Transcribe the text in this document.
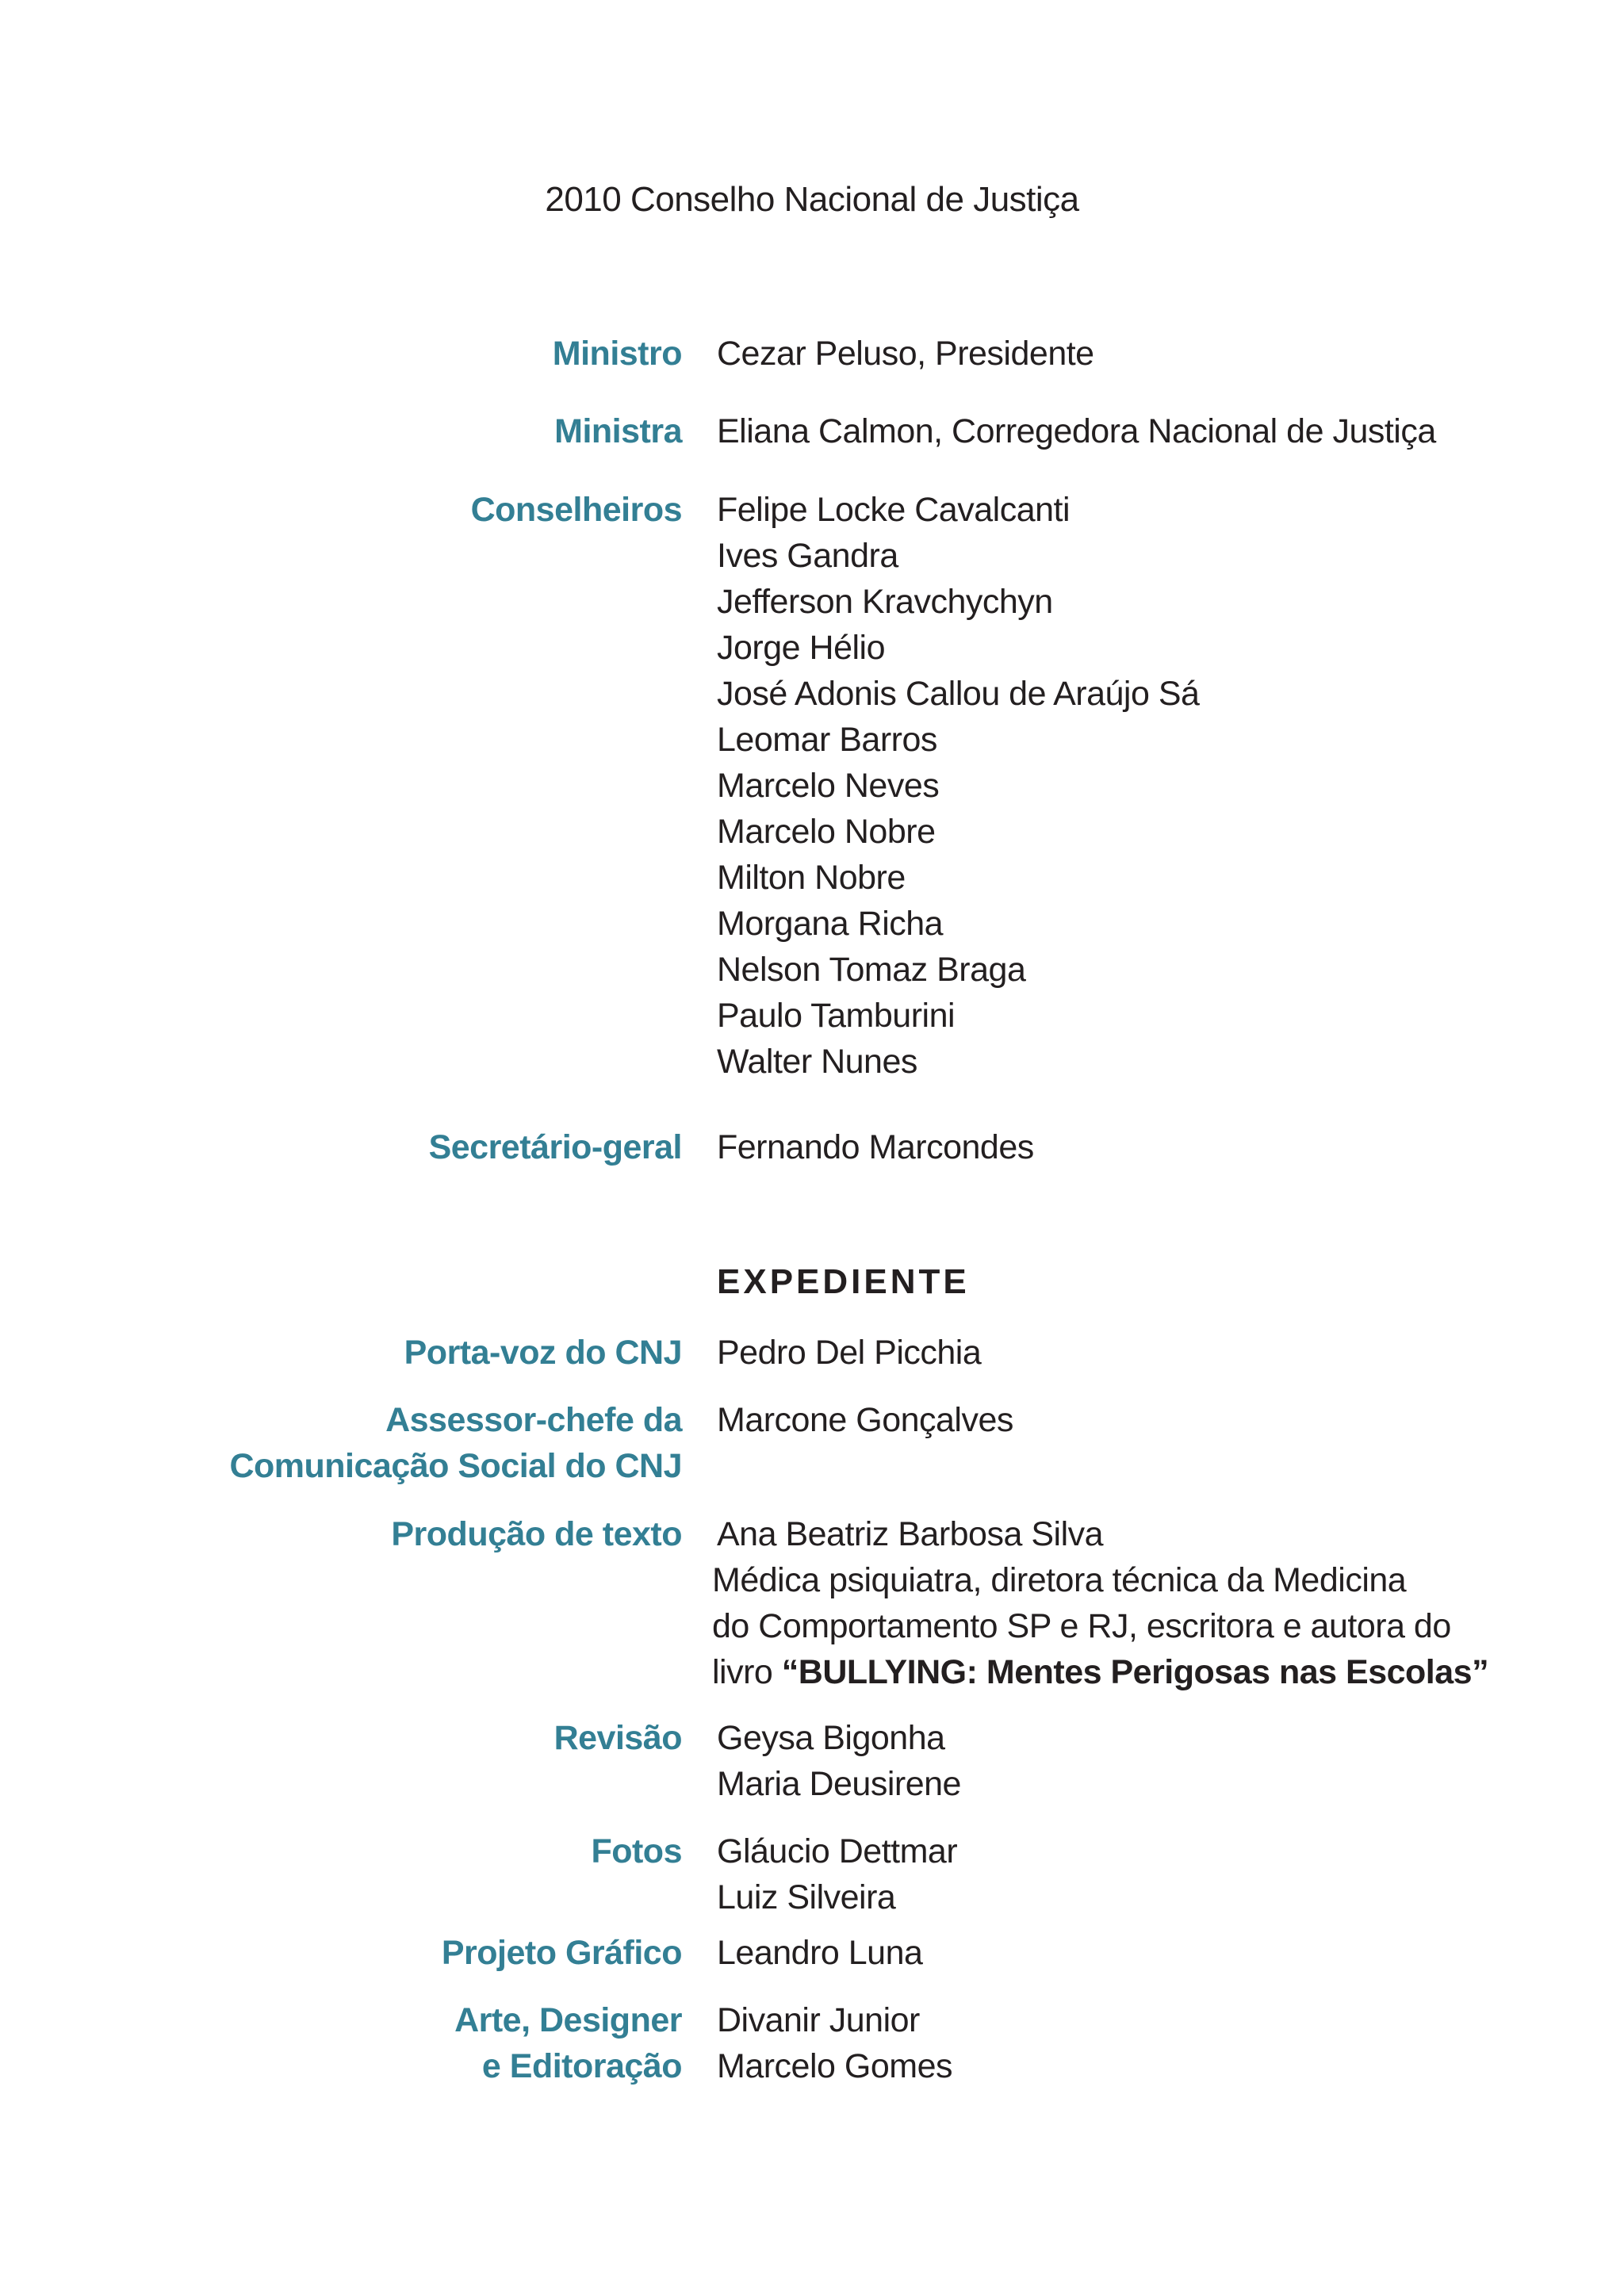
2010 Conselho Nacional de Justiça
Ministro Cezar Peluso, Presidente
Ministra Eliana Calmon, Corregedora Nacional de Justiça
Conselheiros Felipe Locke Cavalcanti
Ives Gandra
Jefferson Kravchychyn
Jorge Hélio
José Adonis Callou de Araújo Sá
Leomar Barros
Marcelo Neves
Marcelo Nobre
Milton Nobre
Morgana Richa
Nelson Tomaz Braga
Paulo Tamburini
Walter Nunes
Secretário-geral Fernando Marcondes
EXPEDIENTE
Porta-voz do CNJ Pedro Del Picchia
Assessor-chefe da
Comunicação Social do CNJ
Marcone Gonçalves
Produção de texto Ana Beatriz Barbosa Silva
Médica psiquiatra, diretora técnica da Medicina
do Comportamento SP e RJ, escritora e autora do
livro “BULLYING: Mentes Perigosas nas Escolas”
Revisão Geysa Bigonha
Maria Deusirene
Fotos Gláucio Dettmar
Luiz Silveira
Projeto Gráfico Leandro Luna
Arte, Designer
e Editoração
Divanir Junior
Marcelo Gomes
